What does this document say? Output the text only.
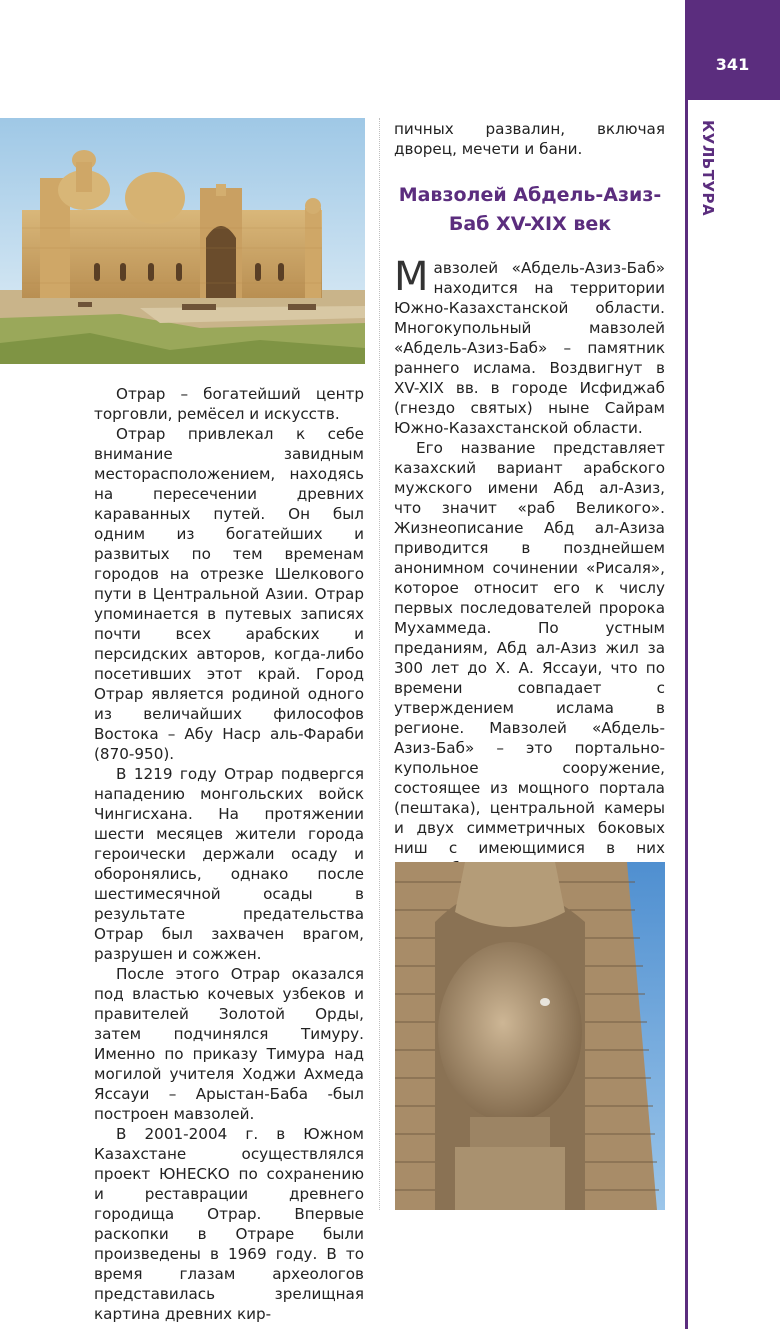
341
КУЛЬТУРА

Отрар – богатейший центр торговли, ремёсел и искусств.

Отрар привлекал к себе внимание завидным месторасположением, находясь на пересечении древних караванных путей. Он был одним из богатейших и развитых по тем временам городов на отрезке Шелкового пути в Центральной Азии. Отрар упоминается в путевых записях почти всех арабских и персидских авторов, когда-либо посетивших этот край. Город Отрар является родиной одного из величайших философов Востока – Абу Наср аль-Фараби (870-950).

В 1219 году Отрар подвергся нападению монгольских войск Чингисхана. На протяжении шести месяцев жители города героически держали осаду и оборонялись, однако после шестимесячной осады в результате предательства Отрар был захвачен врагом, разрушен и сожжен.

После этого Отрар оказался под властью кочевых узбеков и правителей Золотой Орды, затем подчинялся Тимуру. Именно по приказу Тимура над могилой учителя Ходжи Ахмеда Яссауи – Арыстан-Баба -был построен мавзолей.

В 2001-2004 г. в Южном Казахстане осуществлялся проект ЮНЕСКО по сохранению и реставрации древнего городища Отрар. Впервые раскопки в Отраре были произведены в 1969 году. В то время глазам археологов представилась зрелищная картина древних кир-

пичных развалин, включая дворец, мечети и бани.

Мавзолей Абдель-Азиз-Баб XV-XIX век

Мавзолей «Абдель-Азиз-Баб» находится на территории Южно-Казахстанской области. Многокупольный мавзолей «Абдель-Азиз-Баб» – памятник раннего ислама. Воздвигнут в XV-XIX вв. в городе Исфиджаб (гнездо святых) ныне Сайрам Южно-Казахстанской области.

Его название представляет казахский вариант арабского мужского имени Абд ал-Азиз, что значит «раб Великого». Жизнеописание Абд ал-Азиза приводится в позднейшем анонимном сочинении «Рисаля», которое относит его к числу первых последователей пророка Мухаммеда. По устным преданиям, Абд ал-Азиз жил за 300 лет до Х. А. Яссауи, что по времени совпадает с утверждением ислама в регионе. Мавзолей «Абдель-Азиз-Баб» – это портально-купольное сооружение, состоящее из мощного портала (пештака), центральной камеры и двух симметричных боковых ниш с имеющимися в них
